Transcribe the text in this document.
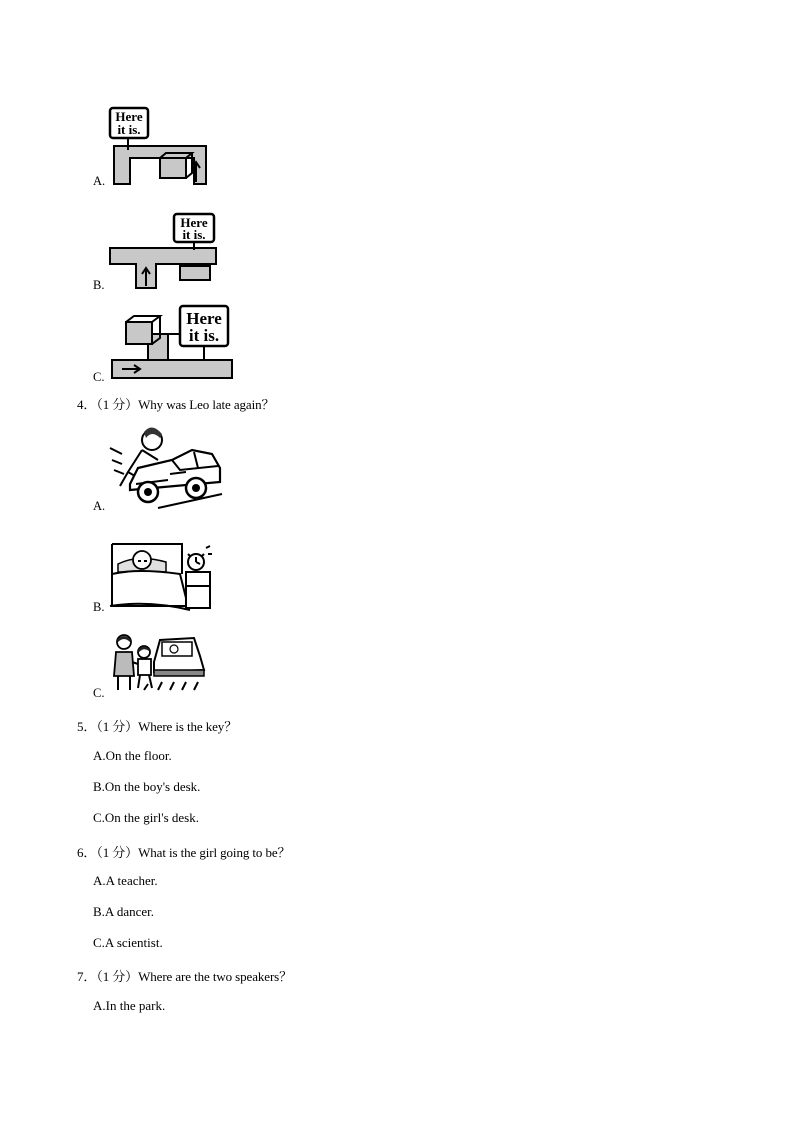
A.
Here
it is.
B.
Here
it is.
C.
Here
it is.
4．（1 分）Why was Leo late again？
A.
B.
C.
5．（1 分）Where is the key？
A.On the floor.
B.On the boy's desk.
C.On the girl's desk.
6．（1 分）What is the girl going to be？
A.A teacher.
B.A dancer.
C.A scientist.
7．（1 分）Where are the two speakers？
A.In the park.
